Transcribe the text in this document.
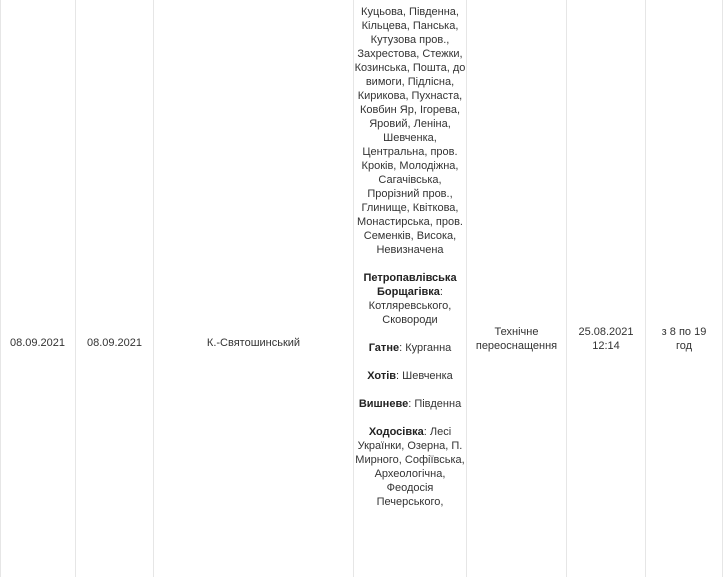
08.09.2021	08.09.2021	К.-Святошинський

Куцьова, Південна, Кільцева, Панська, Кутузова пров., Захрестова, Стежки, Козинська, Пошта, до вимоги, Підлісна, Кирикова, Пухнаста, Ковбин Яр, Ігорева, Яровий, Леніна, Шевченка, Центральна, пров. Кроків, Молодіжна, Сагачівська, Прорізний пров., Глинище, Квіткова, Монастирська, пров. Семенків, Висока, Невизначена

Петропавлівська Борщагівка: Котляревського, Сковороди

Гатне: Курганна

Хотів: Шевченка

Вишневе: Південна

Ходосівка: Лесі Українки, Озерна, П. Мирного, Софіївська, Археологічна, Феодосія Печерського,

Технічне
переоснащення
25.08.2021
12:14
з 8 по 19
год
